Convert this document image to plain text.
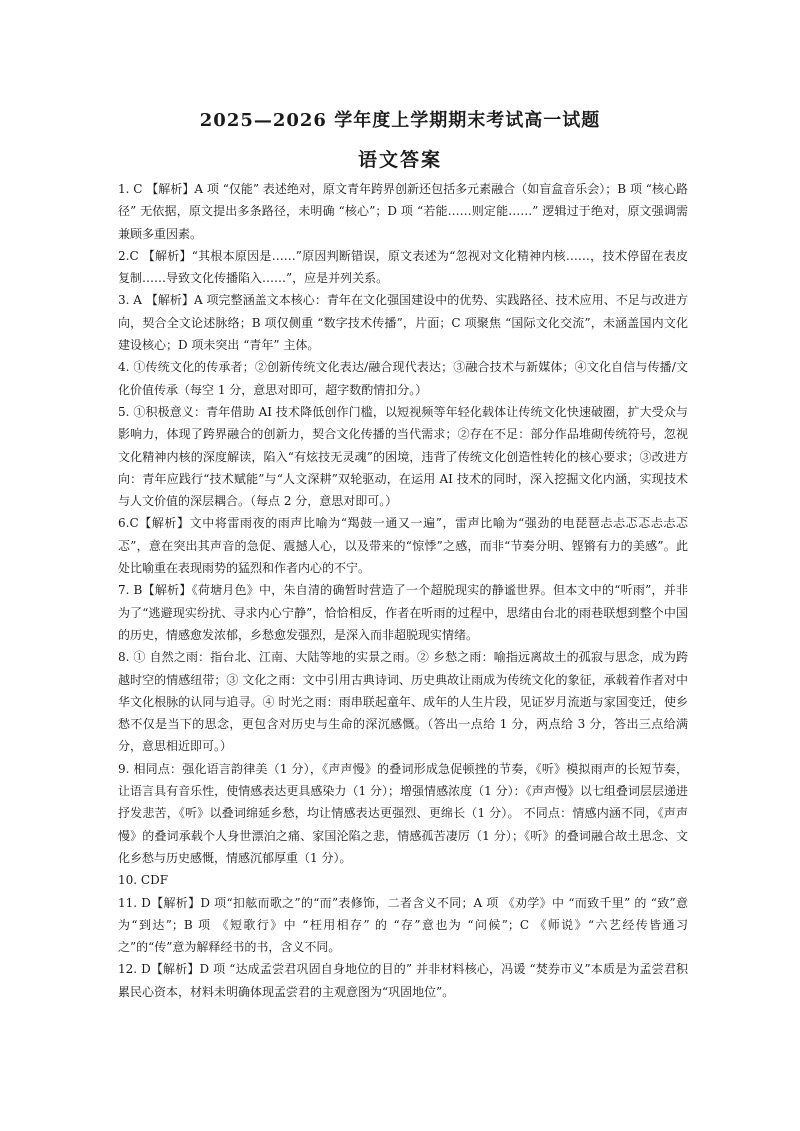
2025—2026 学年度上学期期末考试高一试题
语文答案

1. C 【解析】A 项 “仅能” 表述绝对，原文青年跨界创新还包括多元素融合（如盲盒音乐会）；B 项 “核心路径” 无依据，原文提出多条路径，未明确 “核心”；D 项 “若能……则定能……” 逻辑过于绝对，原文强调需兼顾多重因素。

2.C 【解析】“其根本原因是……”原因判断错误，原文表述为“忽视对文化精神内核……，技术停留在表皮复制……导致文化传播陷入……”，应是并列关系。

3. A 【解析】A 项完整涵盖文本核心：青年在文化强国建设中的优势、实践路径、技术应用、不足与改进方向，契合全文论述脉络；B 项仅侧重 “数字技术传播”，片面；C 项聚焦 “国际文化交流”，未涵盖国内文化建设核心；D 项未突出 “青年” 主体。

4. ①传统文化的传承者；②创新传统文化表达/融合现代表达；③融合技术与新媒体；④文化自信与传播/文化价值传承（每空 1 分，意思对即可，超字数酌情扣分。）

5. ①积极意义：青年借助 AI 技术降低创作门槛，以短视频等年轻化载体让传统文化快速破圈，扩大受众与影响力，体现了跨界融合的创新力，契合文化传播的当代需求；②存在不足：部分作品堆砌传统符号，忽视文化精神内核的深度解读，陷入“有炫技无灵魂”的困境，违背了传统文化创造性转化的核心要求；③改进方向：青年应践行“技术赋能”与“人文深耕”双轮驱动，在运用 AI 技术的同时，深入挖掘文化内涵，实现技术与人文价值的深层耦合。（每点 2 分，意思对即可。）

6.C【解析】文中将雷雨夜的雨声比喻为“羯鼓一通又一遍”，雷声比喻为“强劲的电琵琶忐忐忑忑忐忐忑忑”，意在突出其声音的急促、震撼人心，以及带来的“惊悸”之感，而非“节奏分明、铿锵有力的美感”。此处比喻重在表现雨势的猛烈和作者内心的不宁。

7. B【解析】《荷塘月色》中，朱自清的确暂时营造了一个超脱现实的静谧世界。但本文中的“听雨”，并非为了“逃避现实纷扰、寻求内心宁静”，恰恰相反，作者在听雨的过程中，思绪由台北的雨巷联想到整个中国的历史，情感愈发浓郁，乡愁愈发强烈，是深入而非超脱现实情绪。

8. ① 自然之雨：指台北、江南、大陆等地的实景之雨。② 乡愁之雨：喻指远离故土的孤寂与思念，成为跨越时空的情感纽带；③ 文化之雨：文中引用古典诗词、历史典故让雨成为传统文化的象征，承载着作者对中华文化根脉的认同与追寻。④ 时光之雨：雨串联起童年、成年的人生片段，见证岁月流逝与家国变迁，使乡愁不仅是当下的思念，更包含对历史与生命的深沉感慨。（答出一点给 1 分，两点给 3 分，答出三点给满分，意思相近即可。）

9. 相同点：强化语言韵律美（1 分），《声声慢》的叠词形成急促顿挫的节奏，《听》模拟雨声的长短节奏，让语言具有音乐性，使情感表达更具感染力（1 分）；增强情感浓度（1 分）：《声声慢》以七组叠词层层递进抒发悲苦，《听》以叠词绵延乡愁，均让情感表达更强烈、更绵长（1 分）。 不同点：情感内涵不同，《声声慢》的叠词承载个人身世漂泊之痛、家国沦陷之悲，情感孤苦凄厉（1 分）；《听》的叠词融合故土思念、文化乡愁与历史感慨，情感沉郁厚重（1 分）。

10. CDF

11. D【解析】D 项“扣舷而歌之”的“而”表修饰，二者含义不同；A 项 《劝学》中 “而致千里” 的 “致”意为“到达”；B 项 《短歌行》中 “枉用相存” 的 “存”意也为 “问候”；C 《师说》“六艺经传皆通习之”的“传”意为解释经书的书，含义不同。

12. D【解析】D 项 “达成孟尝君巩固自身地位的目的” 并非材料核心，冯谖 “焚券市义”本质是为孟尝君积累民心资本，材料未明确体现孟尝君的主观意图为“巩固地位”。
